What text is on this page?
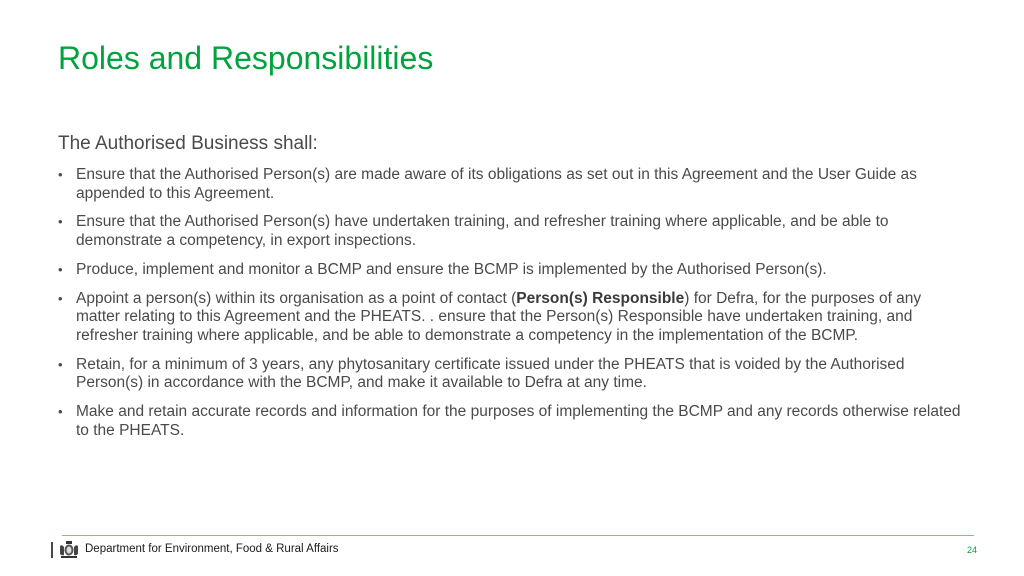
Roles and Responsibilities
The Authorised Business shall:
• Ensure that the Authorised Person(s) are made aware of its obligations as set out in this Agreement and the User Guide as appended to this Agreement.
• Ensure that the Authorised Person(s) have undertaken training, and refresher training where applicable, and be able to demonstrate a competency, in export inspections.
• Produce, implement and monitor a BCMP and ensure the BCMP is implemented by the Authorised Person(s).
• Appoint a person(s) within its organisation as a point of contact (Person(s) Responsible) for Defra, for the purposes of any matter relating to this Agreement and the PHEATS. . ensure that the Person(s) Responsible have undertaken training, and refresher training where applicable, and be able to demonstrate a competency in the implementation of the BCMP.
• Retain, for a minimum of 3 years, any phytosanitary certificate issued under the PHEATS that is voided by the Authorised Person(s) in accordance with the BCMP, and make it available to Defra at any time.
• Make and retain accurate records and information for the purposes of implementing the BCMP and any records otherwise related to the PHEATS.
Department for Environment, Food & Rural Affairs	24
